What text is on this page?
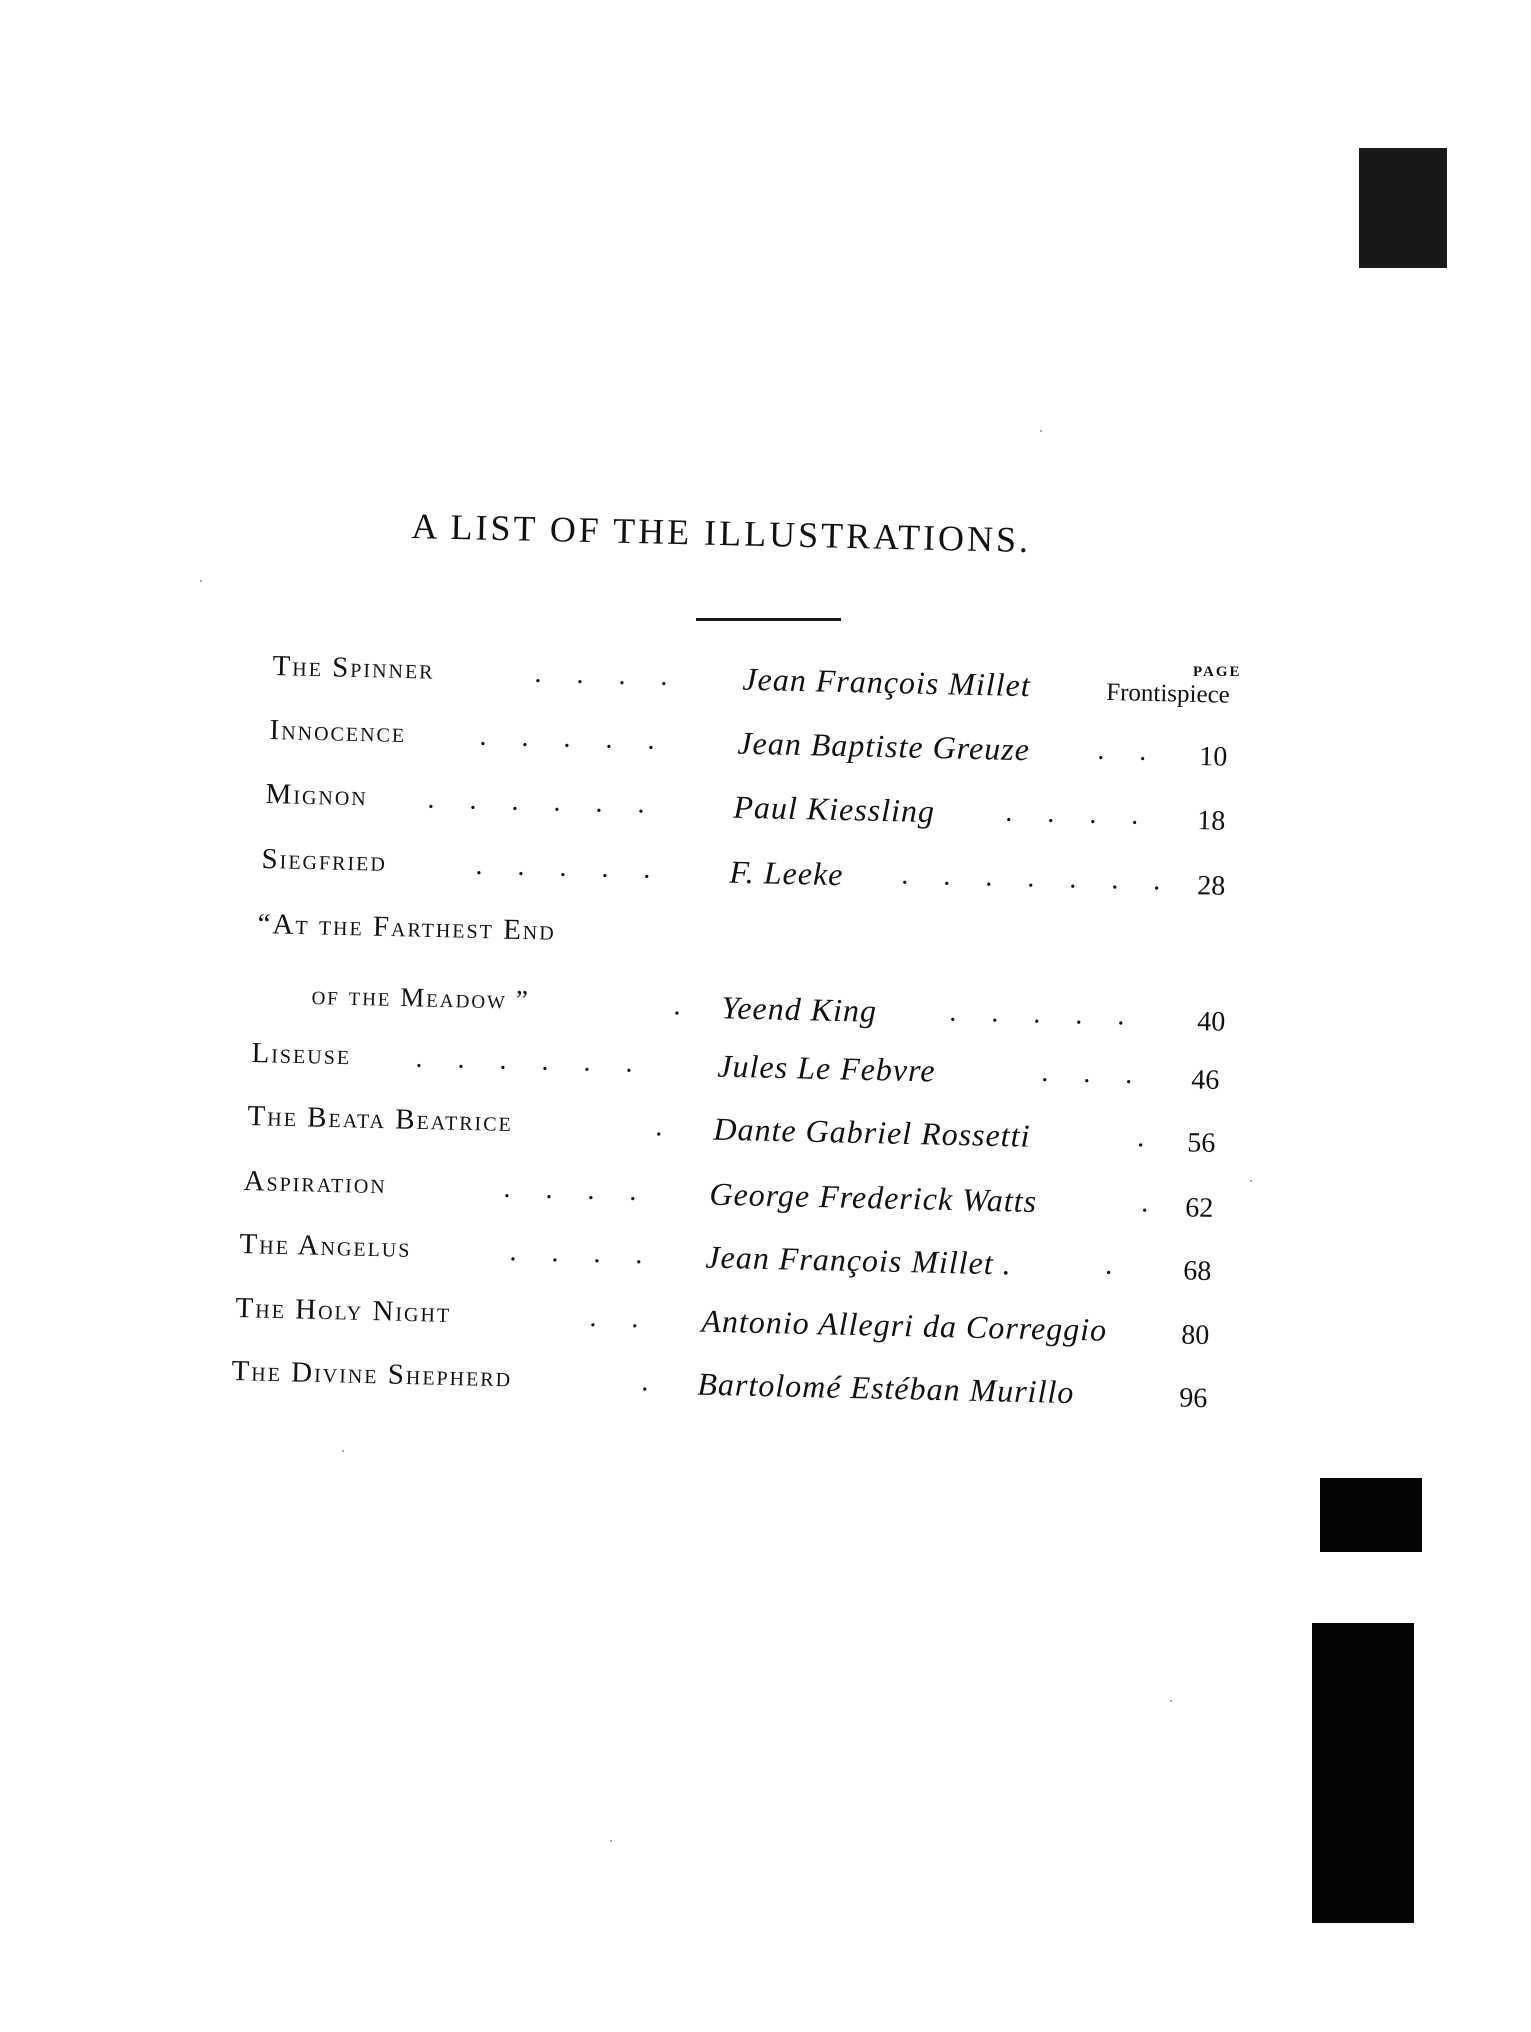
A LIST OF THE ILLUSTRATIONS.
PAGE
The Spinner	. . . . Jean François Millet	Frontispiece
Innocence	. . . . . Jean Baptiste Greuze . . 10
Mignon . . . . . . Paul Kiessling . . . . 18
Siegfried	. . . . . F. Leeke . . . . . . . 28
“At the Farthest End
of the Meadow ”	. Yeend King	. . . . . 40
Liseuse . . . . . . Jules Le Febvre	. . . 46
The Beata Beatrice	. Dante Gabriel Rossetti	. 56
Aspiration	. . . . George Frederick Watts	. 62
The Angelus	. . . . Jean François Millet .	. 68
The Holy Night	. . Antonio Allegri da Correggio	80
The Divine Shepherd	. Bartolomé Estéban Murillo	96
